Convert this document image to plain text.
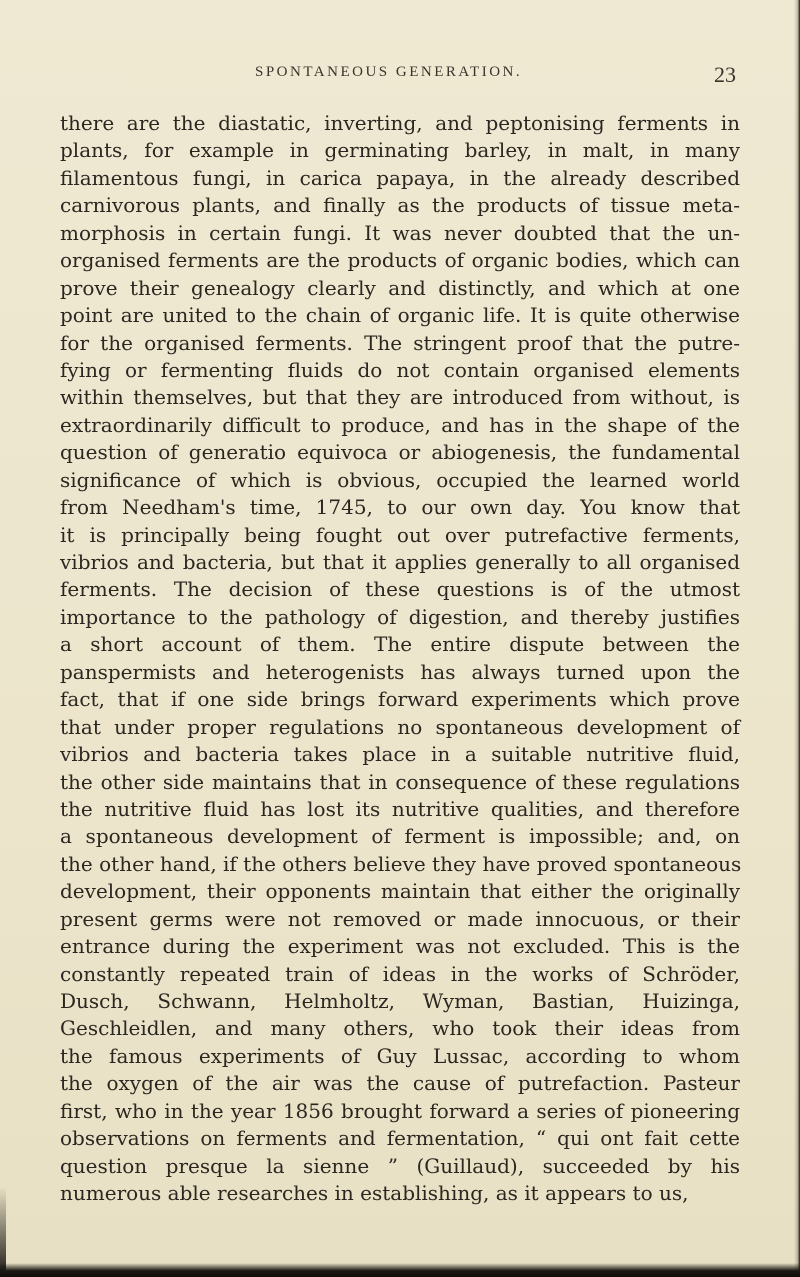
SPONTANEOUS GENERATION.	23
there are the diastatic, inverting, and peptonising ferments in
plants, for example in germinating barley, in malt, in many
filamentous fungi, in carica papaya, in the already described
carnivorous plants, and finally as the products of tissue meta-
morphosis in certain fungi. It was never doubted that the un-
organised ferments are the products of organic bodies, which can
prove their genealogy clearly and distinctly, and which at one
point are united to the chain of organic life. It is quite otherwise
for the organised ferments. The stringent proof that the putre-
fying or fermenting fluids do not contain organised elements
within themselves, but that they are introduced from without, is
extraordinarily difficult to produce, and has in the shape of the
question of generatio equivoca or abiogenesis, the fundamental
significance of which is obvious, occupied the learned world
from Needham's time, 1745, to our own day. You know that
it is principally being fought out over putrefactive ferments,
vibrios and bacteria, but that it applies generally to all organised
ferments. The decision of these questions is of the utmost
importance to the pathology of digestion, and thereby justifies
a short account of them. The entire dispute between the
panspermists and heterogenists has always turned upon the
fact, that if one side brings forward experiments which prove
that under proper regulations no spontaneous development of
vibrios and bacteria takes place in a suitable nutritive fluid,
the other side maintains that in consequence of these regulations
the nutritive fluid has lost its nutritive qualities, and therefore
a spontaneous development of ferment is impossible; and, on
the other hand, if the others believe they have proved spontaneous
development, their opponents maintain that either the originally
present germs were not removed or made innocuous, or their
entrance during the experiment was not excluded. This is the
constantly repeated train of ideas in the works of Schröder,
Dusch, Schwann, Helmholtz, Wyman, Bastian, Huizinga,
Geschleidlen, and many others, who took their ideas from
the famous experiments of Guy Lussac, according to whom
the oxygen of the air was the cause of putrefaction. Pasteur
first, who in the year 1856 brought forward a series of pioneering
observations on ferments and fermentation, “ qui ont fait cette
question presque la sienne ” (Guillaud), succeeded by his
numerous able researches in establishing, as it appears to us,
